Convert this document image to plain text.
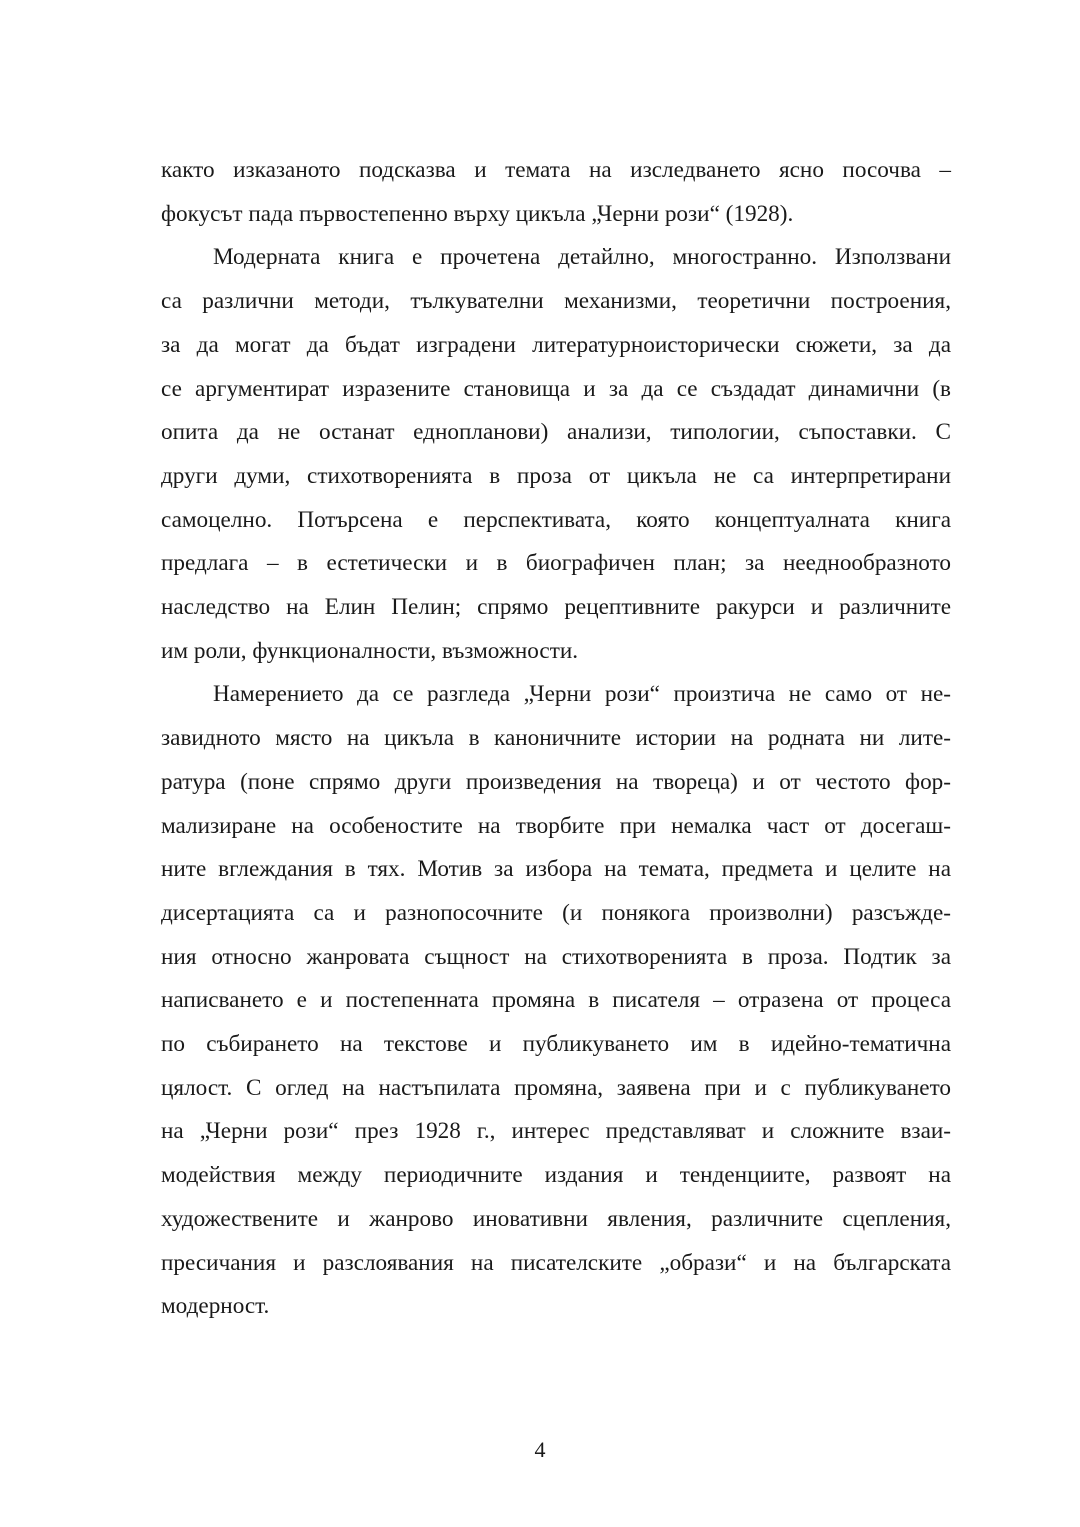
както изказаното подсказва и темата на изследването ясно посочва –
фокусът пада първостепенно върху цикъла „Черни рози“ (1928).

Модерната книга е прочетена детайлно, многостранно. Използвани
са различни методи, тълкувателни механизми, теоретични построения,
за да могат да бъдат изградени литературноисторически сюжети, за да
се аргументират изразените становища и за да се създадат динамични (в
опита да не останат еднопланови) анализи, типологии, съпоставки. С
други думи, стихотворенията в проза от цикъла не са интерпретирани
самоцелно. Потърсена е перспективата, която концептуалната книга
предлага – в естетически и в биографичен план; за нееднообразното
наследство на Елин Пелин; спрямо рецептивните ракурси и различните
им роли, функционалности, възможности.

Намерението да се разгледа „Черни рози“ произтича не само от не-
завидното място на цикъла в каноничните истории на родната ни лите-
ратура (поне спрямо други произведения на твореца) и от честото фор-
мализиране на особеностите на творбите при немалка част от досегаш-
ните вглеждания в тях. Мотив за избора на темата, предмета и целите на
дисертацията са и разнопосочните (и понякога произволни) разсъжде-
ния относно жанровата същност на стихотворенията в проза. Подтик за
написването е и постепенната промяна в писателя – отразена от процеса
по събирането на текстове и публикуването им в идейно-тематична
цялост. С оглед на настъпилата промяна, заявена при и с публикуването
на „Черни рози“ през 1928 г., интерес представляват и сложните взаи-
модействия между периодичните издания и тенденциите, развоят на
художествените и жанрово иновативни явления, различните сцепления,
пресичания и разслоявания на писателските „образи“ и на българската
модерност.

4
